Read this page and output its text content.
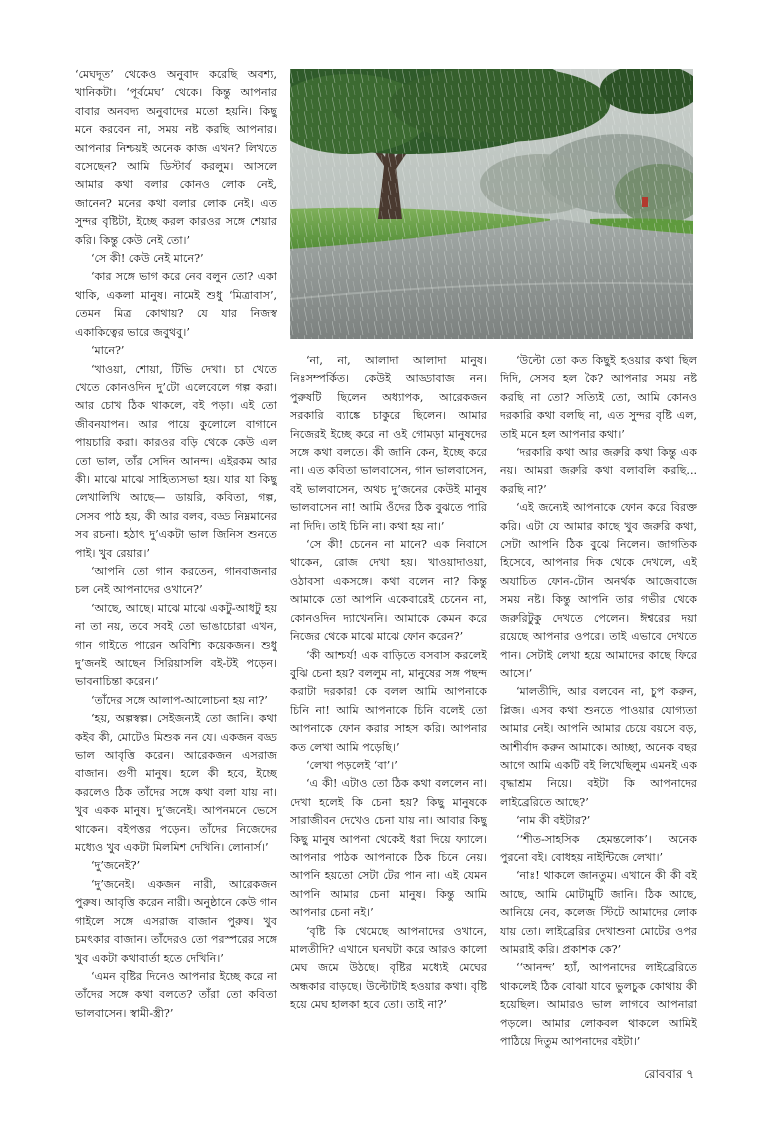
‘মেঘদূত’ থেকেও অনুবাদ করেছি অবশ্য, খানিকটা। ‘পূর্বমেঘ’ থেকে। কিন্তু আপনার বাবার অনবদ্য অনুবাদের মতো হয়নি। কিছু মনে করবেন না, সময় নষ্ট করছি আপনার। আপনার নিশ্চয়ই অনেক কাজ এখন? লিখতে বসেছেন? আমি ডিস্টার্ব করলুম। আসলে আমার কথা বলার কোনও লোক নেই, জানেন? মনের কথা বলার লোক নেই। এত সুন্দর বৃষ্টিটা, ইচ্ছে করল কারওর সঙ্গে শেয়ার করি। কিন্তু কেউ নেই তো।’

‘সে কী! কেউ নেই মানে?’

‘কার সঙ্গে ভাগ করে নেব বলুন তো? একা থাকি, একলা মানুষ। নামেই শুধু ‘মিত্রাবাস’, তেমন মিত্র কোথায়? যে যার নিজস্ব একাকিত্বের ভারে জবুথবু।’

‘মানে?’

‘খাওয়া, শোয়া, টিভি দেখা। চা খেতে খেতে কোনওদিন দু’টো এলেবেলে গল্প করা। আর চোখ ঠিক থাকলে, বই পড়া। এই তো জীবনযাপন। আর পায়ে কুলোলে বাগানে পায়চারি করা। কারওর বড়ি থেকে কেউ এল তো ভাল, তাঁর সেদিন আনন্দ। এইরকম আর কী। মাঝে মাঝে সাহিত্যসভা হয়। যার যা কিছু লেখালিখি আছে— ডায়রি, কবিতা, গল্প, সেসব পাঠ হয়, কী আর বলব, বড্ড নিম্নমানের সব রচনা। হঠাৎ দু’একটা ভাল জিনিস শুনতে পাই। খুব রেয়ার।’

‘আপনি তো গান করতেন, গানবাজনার চল নেই আপনাদের ওখানে?’

‘আছে, আছে। মাঝে মাঝে একটু-আধটু হয় না তা নয়, তবে সবই তো ভাঙাচোরা এখন, গান গাইতে পারেন অবিশ্যি কয়েকজন। শুধু দু’জনই আছেন সিরিয়াসলি বই-টই পড়েন। ভাবনাচিন্তা করেন।’

‘তাঁদের সঙ্গে আলাপ-আলোচনা হয় না?’

‘হয়, অল্পস্বল্প। সেইজন্যই তো জানি। কথা কইব কী, মোটেও মিশুক নন যে। একজন বড্ড ভাল আবৃত্তি করেন। আরেকজন এসরাজ বাজান। গুণী মানুষ। হলে কী হবে, ইচ্ছে করলেও ঠিক তাঁদের সঙ্গে কথা বলা যায় না। খুব একক মানুষ। দু’জনেই। আপনমনে ভেসে থাকেন। বইপত্তর পড়েন। তাঁদের নিজেদের মধ্যেও খুব একটা মিলমিশ দেখিনি। লোনার্স।’

‘দু’জনেই?’

‘দু’জনেই। একজন নারী, আরেকজন পুরুষ। আবৃত্তি করেন নারী। অনুষ্ঠানে কেউ গান গাইলে সঙ্গে এসরাজ বাজান পুরুষ। খুব চমৎকার বাজান। তাঁদেরও তো পরস্পরের সঙ্গে খুব একটা কথাবার্তা হতে দেখিনি।’

‘এমন বৃষ্টির দিনেও আপনার ইচ্ছে করে না তাঁদের সঙ্গে কথা বলতে? তাঁরা তো কবিতা ভালবাসেন। স্বামী-স্ত্রী?’

‘না, না, আলাদা আলাদা মানুষ। নিঃসম্পর্কিত। কেউই আড্ডাবাজ নন। পুরুষটি ছিলেন অধ্যাপক, আরেকজন সরকারি ব্যাঙ্কে চাকুরে ছিলেন। আমার নিজেরই ইচ্ছে করে না ওই গোমড়া মানুষদের সঙ্গে কথা বলতে। কী জানি কেন, ইচ্ছে করে না। এত কবিতা ভালবাসেন, গান ভালবাসেন, বই ভালবাসেন, অথচ দু’জনের কেউই মানুষ ভালবাসেন না! আমি ওঁদের ঠিক বুঝতে পারি না দিদি। তাই চিনি না। কথা হয় না।’

‘সে কী! চেনেন না মানে? এক নিবাসে থাকেন, রোজ দেখা হয়। খাওয়াদাওয়া, ওঠাবসা একসঙ্গে। কথা বলেন না? কিন্তু আমাকে তো আপনি একেবারেই চেনেন না, কোনওদিন দ্যাখেননি। আমাকে কেমন করে নিজের থেকে মাঝে মাঝে ফোন করেন?’

‘কী আশ্চর্য! এক বাড়িতে বসবাস করলেই বুঝি চেনা হয়? বললুম না, মানুষের সঙ্গ পছন্দ করাটা দরকার! কে বলল আমি আপনাকে চিনি না! আমি আপনাকে চিনি বলেই তো আপনাকে ফোন করার সাহস করি। আপনার কত লেখা আমি পড়েছি।’

‘লেখা পড়লেই ‘বা’।’

‘এ কী! এটাও তো ঠিক কথা বললেন না। দেখা হলেই কি চেনা হয়? কিছু মানুষকে সারাজীবন দেখেও চেনা যায় না। আবার কিছু কিছু মানুষ আপনা থেকেই ধরা দিয়ে ফ্যালে। আপনার পাঠক আপনাকে ঠিক চিনে নেয়। আপনি হয়তো সেটা টের পান না। এই যেমন আপনি আমার চেনা মানুষ। কিন্তু আমি আপনার চেনা নই।’

‘বৃষ্টি কি থেমেছে আপনাদের ওখানে, মালতীদি? এখানে ঘনঘটা করে আরও কালো মেঘ জমে উঠছে। বৃষ্টির মধ্যেই মেঘের অন্ধকার বাড়ছে। উল্টোটাই হওয়ার কথা। বৃষ্টি হয়ে মেঘ হালকা হবে তো। তাই না?’

‘উল্টো তো কত কিছুই হওয়ার কথা ছিল দিদি, সেসব হল কৈ? আপনার সময় নষ্ট করছি না তো? সত্যিই তো, আমি কোনও দরকারি কথা বলছি না, এত সুন্দর বৃষ্টি এল, তাই মনে হল আপনার কথা।’

‘দরকারি কথা আর জরুরি কথা কিন্তু এক নয়। আমরা জরুরি কথা বলাবলি করছি... করছি না?’

‘এই জন্যেই আপনাকে ফোন করে বিরক্ত করি। এটা যে আমার কাছে খুব জরুরি কথা, সেটা আপনি ঠিক বুঝে নিলেন। জাগতিক হিসেবে, আপনার দিক থেকে দেখলে, এই অযাচিত ফোন-টোন অনর্থক আজেবাজে সময় নষ্ট। কিন্তু আপনি তার গভীর থেকে জরুরিটুকু দেখতে পেলেন। ঈশ্বরের দয়া রয়েছে আপনার ওপরে। তাই এভাবে দেখতে পান। সেটাই লেখা হয়ে আমাদের কাছে ফিরে আসে।’

‘মালতীদি, আর বলবেন না, চুপ করুন, প্লিজ। এসব কথা শুনতে পাওয়ার যোগ্যতা আমার নেই। আপনি আমার চেয়ে বয়সে বড়, আশীর্বাদ করুন আমাকে। আচ্ছা, অনেক বছর আগে আমি একটি বই লিখেছিলুম এমনই এক বৃদ্ধাশ্রম নিয়ে। বইটা কি আপনাদের লাইব্রেরিতে আছে?’

‘নাম কী বইটার?’

‘‘শীত-সাহসিক হেমন্তলোক’। অনেক পুরনো বই। বোধহয় নাইন্টিজে লেখা।’

‘নাঃ! থাকলে জানতুম। এখানে কী কী বই আছে, আমি মোটামুটি জানি। ঠিক আছে, আনিয়ে নেব, কলেজ স্টিটে আমাদের লোক যায় তো। লাইব্রেরির দেখাশুনা মোটের ওপর আমরাই করি। প্রকাশক কে?’

‘‘আনন্দ’ হ্যাঁ, আপনাদের লাইব্রেরিতে থাকলেই ঠিক বোঝা যাবে ভুলচুক কোথায় কী হয়েছিল। আমারও ভাল লাগবে আপনারা পড়লে। আমার লোকবল থাকলে আমিই পাঠিয়ে দিতুম আপনাদের বইটা।’

রোববার ৭
